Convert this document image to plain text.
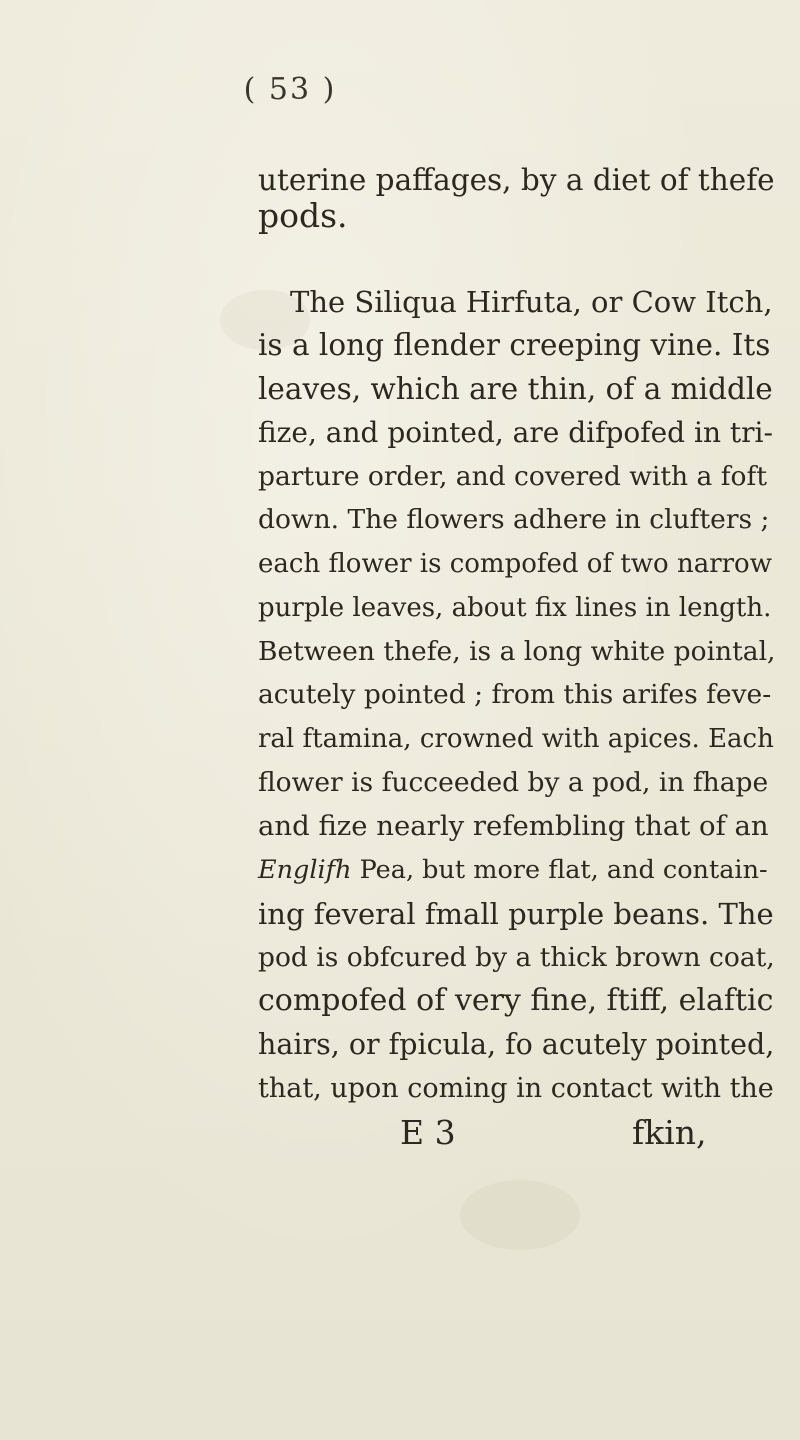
( 53 )
uterine paffages, by a diet of thefe
pods.
The Siliqua Hirfuta, or Cow Itch,
is a long flender creeping vine. Its
leaves, which are thin, of a middle
fize, and pointed, are difpofed in tri-
parture order, and covered with a foft
down. The flowers adhere in clufters ;
each flower is compofed of two narrow
purple leaves, about fix lines in length.
Between thefe, is a long white pointal,
acutely pointed ; from this arifes feve-
ral ftamina, crowned with apices. Each
flower is fucceeded by a pod, in fhape
and fize nearly refembling that of an
Englifh Pea, but more flat, and contain-
ing feveral fmall purple beans. The
pod is obfcured by a thick brown coat,
compofed of very fine, ftiff, elaftic
hairs, or fpicula, fo acutely pointed,
that, upon coming in contact with the
E 3	fkin,
